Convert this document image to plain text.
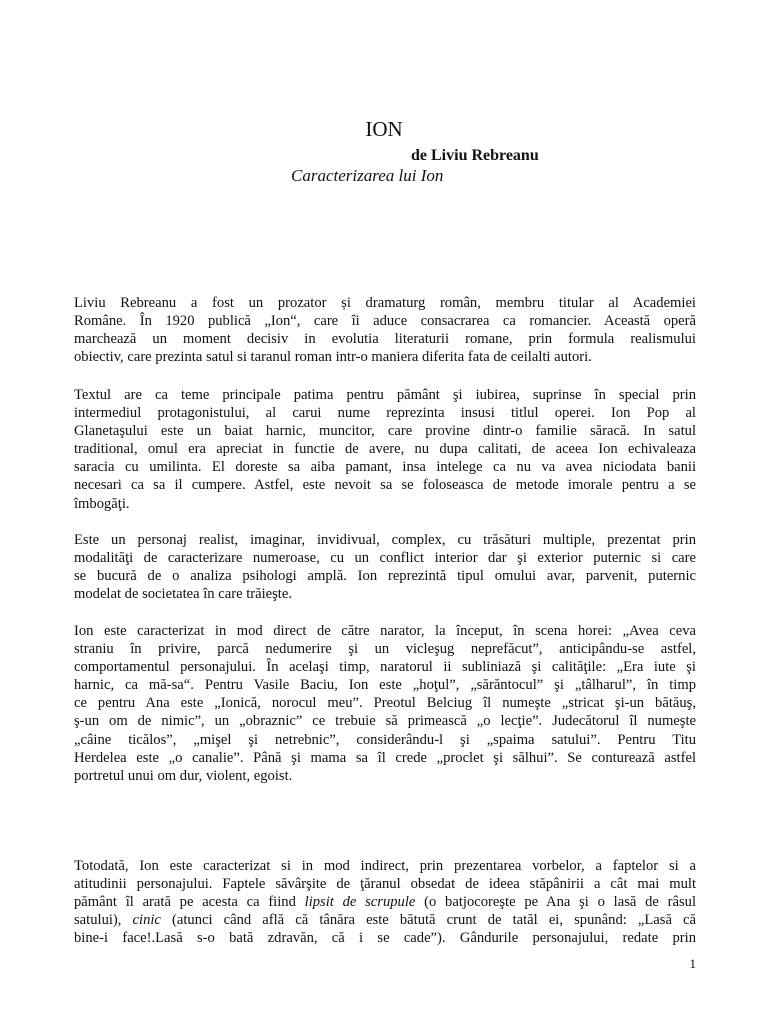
ION
de Liviu Rebreanu
Caracterizarea lui Ion

Liviu Rebreanu a fost un prozator și dramaturg român, membru titular al Academiei
Române. În 1920 publică „Ion“, care îi aduce consacrarea ca romancier. Această operă
marchează un moment decisiv in evolutia literaturii romane, prin formula realismului
obiectiv, care prezinta satul si taranul roman intr-o maniera diferita fata de ceilalti autori.

Textul are ca teme principale patima pentru pământ şi iubirea, suprinse în special prin
intermediul protagonistului, al carui nume reprezinta insusi titlul operei. Ion Pop al
Glanetaşului este un baiat harnic, muncitor, care provine dintr-o familie săracă. In satul
traditional, omul era apreciat in functie de avere, nu dupa calitati, de aceea Ion echivaleaza
saracia cu umilinta. El doreste sa aiba pamant, insa intelege ca nu va avea niciodata banii
necesari ca sa il cumpere. Astfel, este nevoit sa se foloseasca de metode imorale pentru a se
îmbogăţi.

Este un personaj realist, imaginar, invidivual, complex, cu trăsături multiple, prezentat prin
modalităţi de caracterizare numeroase, cu un conflict interior dar şi exterior puternic si care
se bucură de o analiza psihologi amplă. Ion reprezintă tipul omului avar, parvenit, puternic
modelat de societatea în care trăieşte.

Ion este caracterizat in mod direct de către narator, la început, în scena horei: „Avea ceva
straniu în privire, parcă nedumerire şi un vicleşug neprefăcut”, anticipându-se astfel,
comportamentul personajului. În acelaşi timp, naratorul ii subliniază şi calităţile: „Era iute şi
harnic, ca mă-sa“. Pentru Vasile Baciu, Ion este „hoţul”, „sărăntocul” şi „tâlharul”, în timp
ce pentru Ana este „Ionică, norocul meu”. Preotul Belciug îl numeşte „stricat şi-un bătăuş,
ş-un om de nimic”, un „obraznic” ce trebuie să primească „o lecţie”. Judecătorul îl numeşte
„câine ticălos”, „mişel şi netrebnic”, considerându-l şi „spaima satului”. Pentru Titu
Herdelea este „o canalie”. Până şi mama sa îl crede „proclet şi sălhui”. Se conturează astfel
portretul unui om dur, violent, egoist.

Totodată, Ion este caracterizat si in mod indirect, prin prezentarea vorbelor, a faptelor si a
atitudinii personajului. Faptele săvârşite de ţăranul obsedat de ideea stăpânirii a cât mai mult
pământ îl arată pe acesta ca fiind lipsit de scrupule (o batjocoreşte pe Ana şi o lasă de râsul
satului), cinic (atunci când află că tânăra este bătută crunt de tatăl ei, spunând: „Lasă că
bine-i face!.Lasă s-o bată zdravăn, că i se cade”). Gândurile personajului, redate prin

1
